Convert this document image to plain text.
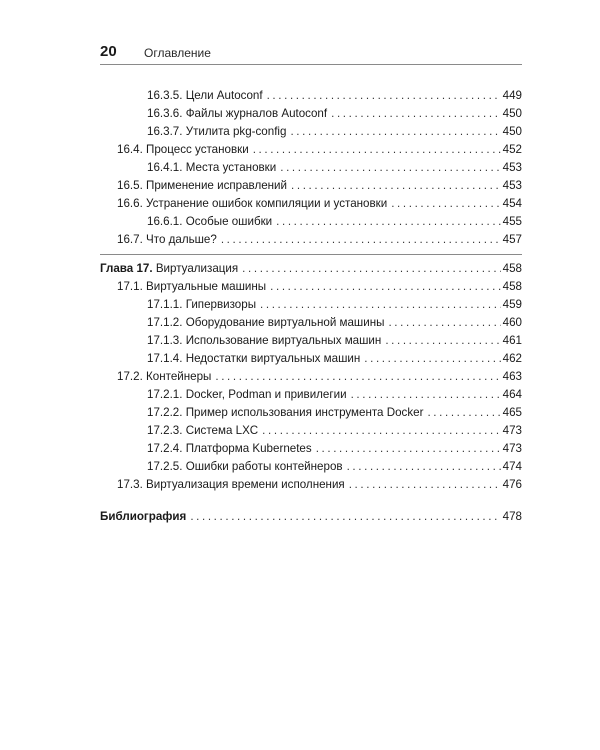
20 Оглавление
16.3.5. Цели Autoconf . . .	449
16.3.6. Файлы журналов Autoconf . . .	450
16.3.7. Утилита pkg-config . . .	450
16.4. Процесс установки . . .	452
16.4.1. Места установки . . .	453
16.5. Применение исправлений . . .	453
16.6. Устранение ошибок компиляции и установки . . .	454
16.6.1. Особые ошибки . . .	455
16.7. Что дальше? . . .	457
Глава 17. Виртуализация . . .	458
17.1. Виртуальные машины . . .	458
17.1.1. Гипервизоры . . .	459
17.1.2. Оборудование виртуальной машины . . .	460
17.1.3. Использование виртуальных машин . . .	461
17.1.4. Недостатки виртуальных машин . . .	462
17.2. Контейнеры . . .	463
17.2.1. Docker, Podman и привилегии . . .	464
17.2.2. Пример использования инструмента Docker . . .	465
17.2.3. Система LXC . . .	473
17.2.4. Платформа Kubernetes . . .	473
17.2.5. Ошибки работы контейнеров . . .	474
17.3. Виртуализация времени исполнения . . .	476
Библиография . . .	478
